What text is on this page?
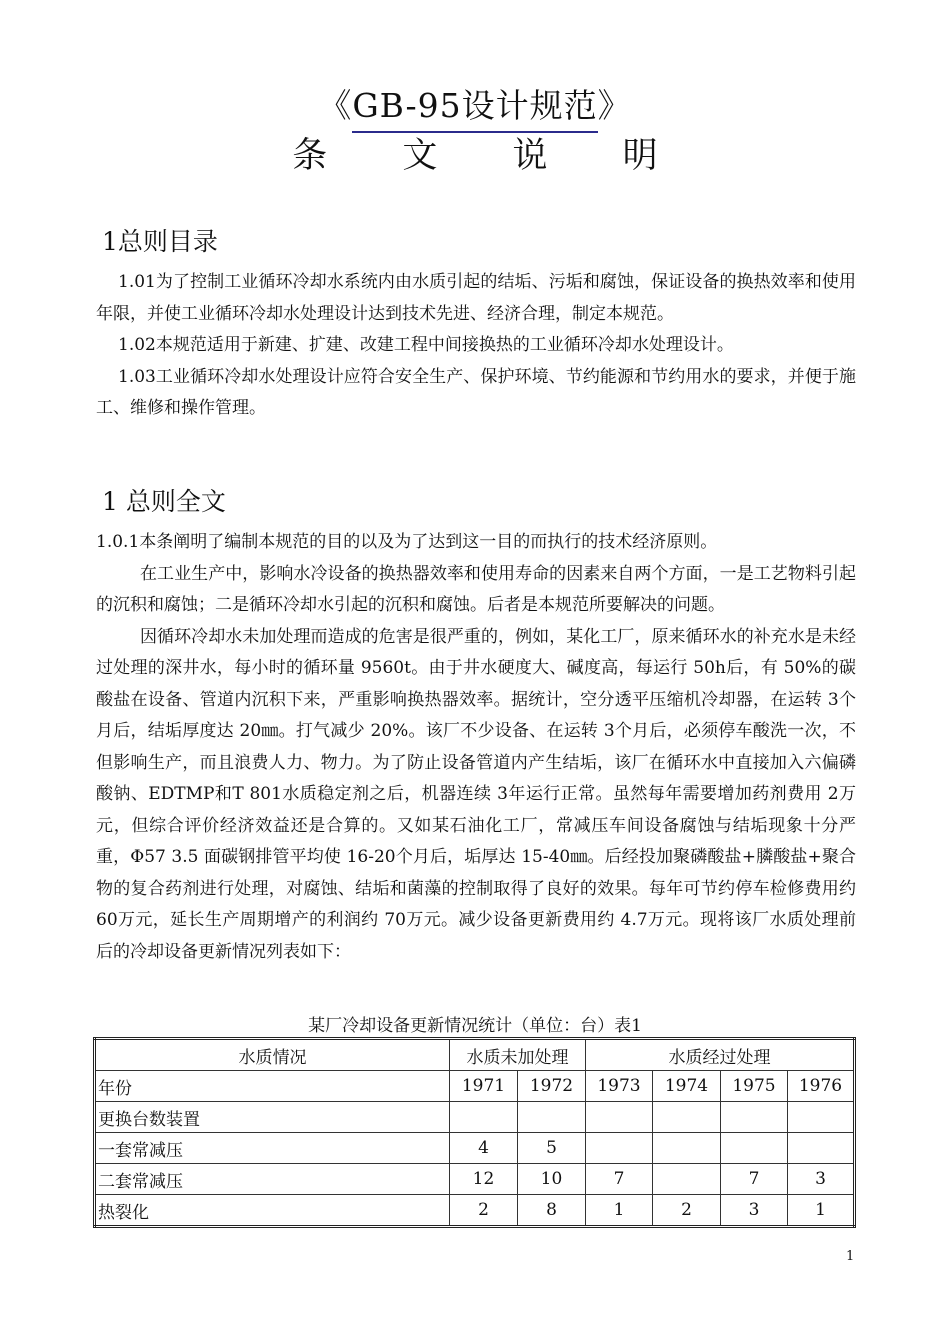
《GB-95设计规范》
条 文 说 明
1总则目录

1.01为了控制工业循环冷却水系统内由水质引起的结垢、污垢和腐蚀，保证设备的换热效率和使用年限，并使工业循环冷却水处理设计达到技术先进、经济合理，制定本规范。

1.02本规范适用于新建、扩建、改建工程中间接换热的工业循环冷却水处理设计。

1.03工业循环冷却水处理设计应符合安全生产、保护环境、节约能源和节约用水的要求，并便于施工、维修和操作管理。

1 总则全文

1.0.1本条阐明了编制本规范的目的以及为了达到这一目的而执行的技术经济原则。

在工业生产中，影响水冷设备的换热器效率和使用寿命的因素来自两个方面，一是工艺物料引起的沉积和腐蚀；二是循环冷却水引起的沉积和腐蚀。后者是本规范所要解决的问题。

因循环冷却水未加处理而造成的危害是很严重的，例如，某化工厂，原来循环水的补充水是未经过处理的深井水，每小时的循环量 9560t。由于井水硬度大、碱度高，每运行 50h后，有 50%的碳酸盐在设备、管道内沉积下来，严重影响换热器效率。据统计，空分透平压缩机冷却器，在运转 3个月后，结垢厚度达 20㎜。打气减少 20%。该厂不少设备、在运转 3个月后，必须停车酸洗一次，不但影响生产，而且浪费人力、物力。为了防止设备管道内产生结垢，该厂在循环水中直接加入六偏磷酸钠、EDTMP和T 801水质稳定剂之后，机器连续 3年运行正常。虽然每年需要增加药剂费用 2万元，但综合评价经济效益还是合算的。又如某石油化工厂，常减压车间设备腐蚀与结垢现象十分严重，Φ57 3.5 面碳钢排管平均使 16-20个月后，垢厚达 15-40㎜。后经投加聚磷酸盐+膦酸盐+聚合物的复合药剂进行处理，对腐蚀、结垢和菌藻的控制取得了良好的效果。每年可节约停车检修费用约 60万元，延长生产周期增产的利润约 70万元。减少设备更新费用约 4.7万元。现将该厂水质处理前后的冷却设备更新情况列表如下：

某厂冷却设备更新情况统计（单位：台）表1
水质情况	水质未加处理		水质经过处理			
年份	1971	1972	1973	1974	1975	1976
更换台数装置						
一套常减压	4	5				
二套常减压	12	10	7		7	3
热裂化	2	8	1	2	3	1
1
